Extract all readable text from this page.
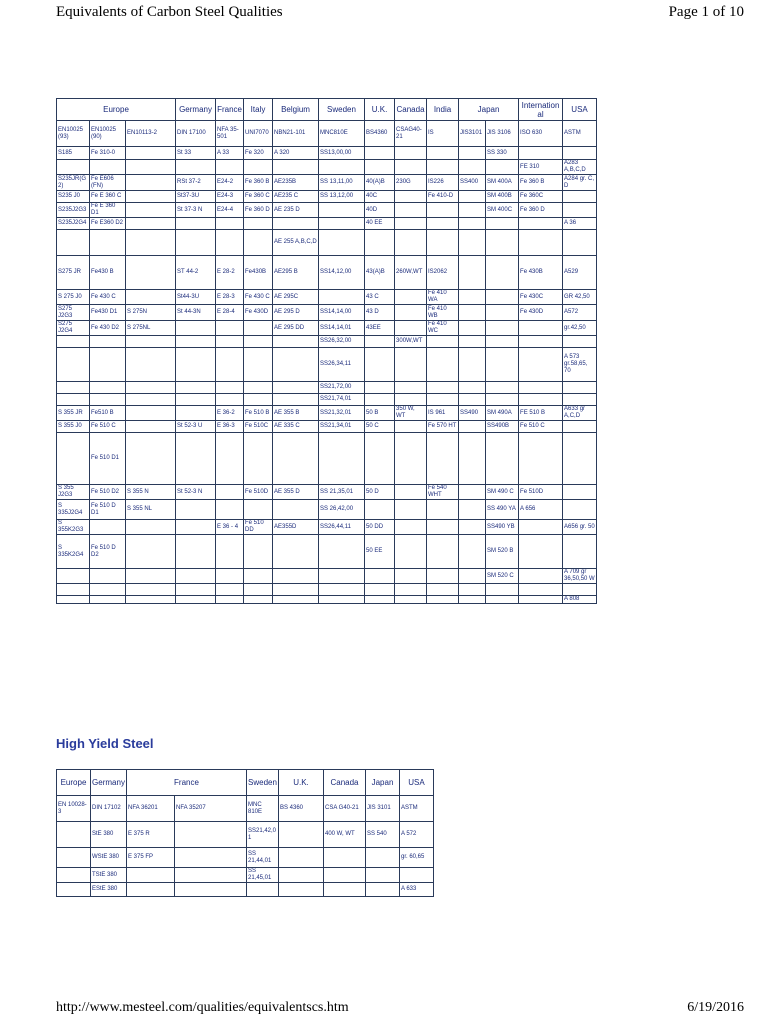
Equivalents of Carbon Steel Qualities	Page 1 of 10
Europe			Germany	France	Italy	Belgium	Sweden	U.K.	Canada	India	Japan		International	USA
EN10025 (93)	EN10025 (90)	EN10113-2	DIN 17100	NFA 35-501	UNI7070	NBN21-101	MNC810E	BS4360	CSAG40-21	IS	JIS3101	JIS 3106	ISO 630	ASTM
S185	Fe 310-0		St 33	A 33	Fe 320	A 320	SS13,00,00					SS 330		
													FE 310	A283 A,B,C,D
S235JR(G2)	Fe E606 (FN)		RSt 37-2	E24-2	Fe 360 B	AE235B	SS 13,11,00	40(A)B	230G	IS226	SS400	SM 400A	Fe 360 B	A284 gr. C, D
S235 J0	Fe E 360 C		St37-3U	E24-3	Fe 360 C	AE235 C	SS 13,12,00	40C		Fe 410-D		SM 400B	Fe 360C	
S235J2G3	Fe E 360 D1		St 37-3 N	E24-4	Fe 360 D	AE 235 D		40D				SM 400C	Fe 360 D	
S235J2G4	Fe E360 D2							40 EE						A 36
						AE 255 A,B,C,D								
S275 JR	Fe430 B		ST 44-2	E 28-2	Fe430B	AE295 B	SS14,12,00	43(A)B	260W,WT	IS2062			Fe 430B	A529
S 275 J0	Fe 430 C		St44-3U	E 28-3	Fe 430 C	AE 295C		43 C		Fe 410 WA			Fe 430C	GR 42,50
S275 J2G3	Fe430 D1	S 275N	St 44-3N	E 28-4	Fe 430D	AE 295 D	SS14,14,00	43 D		Fe 410 WB			Fe 430D	A572
S275 J2G4	Fe 430 D2	S 275NL				AE 295 DD	SS14,14,01	43EE		Fe 410 WC				gr.42,50
							SS26,32,00		300W,WT					
							SS26,34,11							A 573 gr.58,65, 70
							SS21,72,00							
							SS21,74,01							
S 355 JR	Fe510 B			E 36-2	Fe 510 B	AE 355 B	SS21,32,01	50 B	350 W, WT	IS 961	SS490	SM 490A	FE 510 B	A633 gr A,C,D
S 355 J0	Fe 510 C		St 52-3 U	E 36-3	Fe 510C	AE 335 C	SS21,34,01	50 C		Fe 570 HT		SS490B	Fe 510 C	
	Fe 510 D1													
S 355 J2G3	Fe 510 D2	S 355 N	St 52-3 N		Fe 510D	AE 355 D	SS 21,35,01	50 D		Fe 540 WHT		SM 490 C	Fe 510D	
S 335J2G4	Fe 510 D D1	S 355 NL					SS 26,42,00					SS 490 YA	A 656	
S 355K2G3				E 36 - 4	Fe 510 DD	AE355D	SS26,44,11	50 DD				SS490 YB		A656 gr. 50
S 335K2G4	Fe 510 D D2							50 EE				SM 520 B		
												SM 520 C		A 709 gr 36,50,50 W

														A 808
High Yield Steel
Europe	Germany	France		Sweden	U.K.	Canada	Japan	USA
EN 10028-3	DIN 17102	NFA 36201	NFA 35207	MNC 810E	BS 4360	CSA G40-21	JIS 3101	ASTM
	StE 380	E 375 R		SS21,42,01		400 W, WT	SS 540	A 572
	WStE 380	E 375 FP		SS 21,44,01				gr. 60,65
	TStE 380			SS 21,45,01				
	EStE 380							A 633
http://www.mesteel.com/qualities/equivalentscs.htm	6/19/2016
